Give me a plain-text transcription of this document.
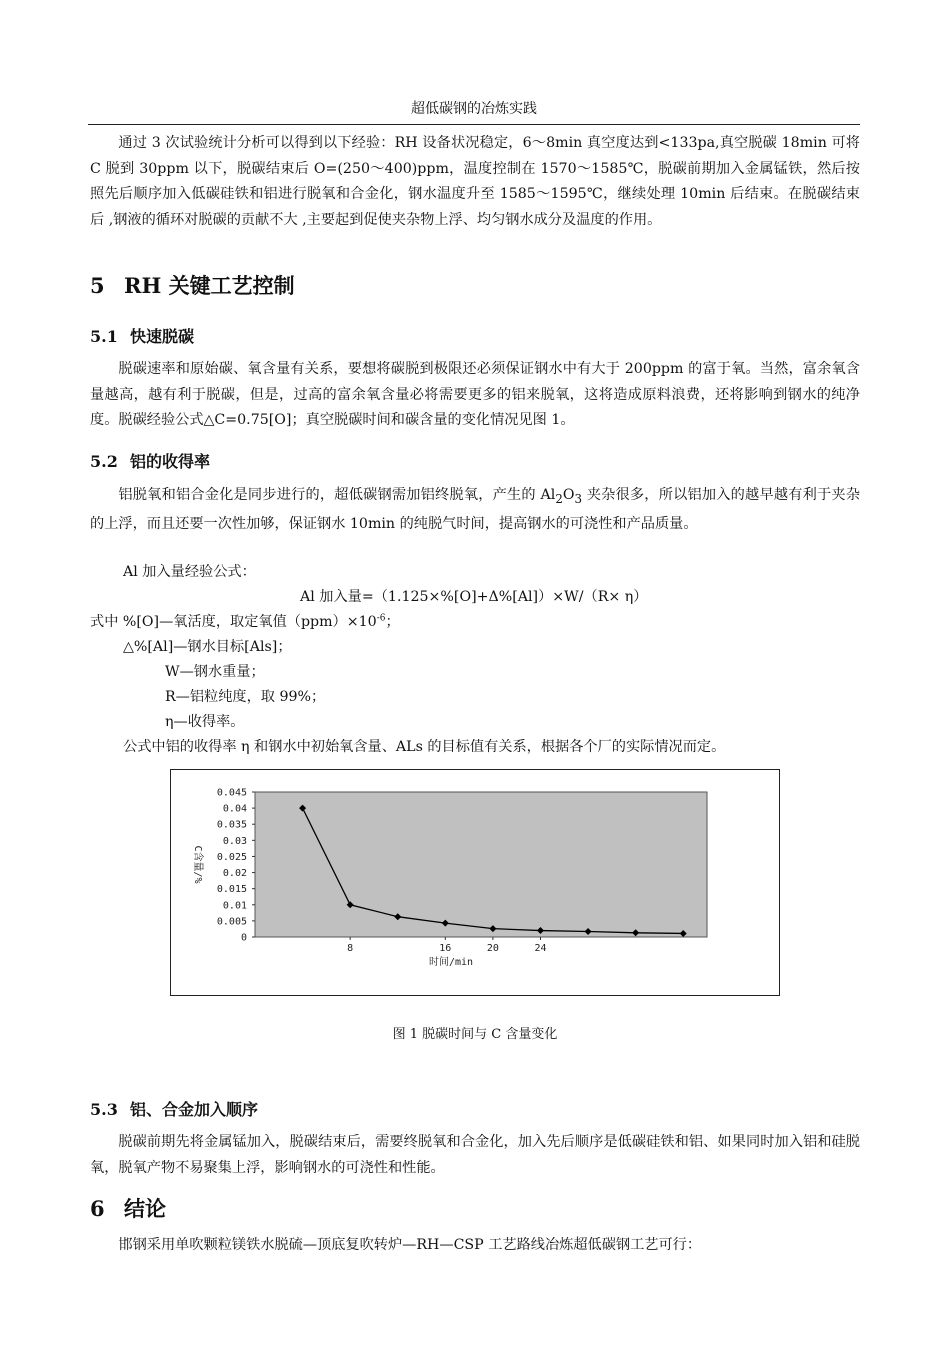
超低碳钢的冶炼实践

通过 3 次试验统计分析可以得到以下经验：RH 设备状况稳定，6～8min 真空度达到<133pa,真空脱碳 18min 可将 C 脱到 30ppm 以下，脱碳结束后 O=(250～400)ppm，温度控制在 1570～1585℃，脱碳前期加入金属锰铁，然后按照先后顺序加入低碳硅铁和铝进行脱氧和合金化，钢水温度升至 1585～1595℃，继续处理 10min 后结束。在脱碳结束后 ,钢液的循环对脱碳的贡献不大 ,主要起到促使夹杂物上浮、均匀钢水成分及温度的作用。

5 RH 关键工艺控制
5.1 快速脱碳

脱碳速率和原始碳、氧含量有关系，要想将碳脱到极限还必须保证钢水中有大于 200ppm 的富于氧。当然，富余氧含量越高，越有利于脱碳，但是，过高的富余氧含量必将需要更多的铝来脱氧，这将造成原料浪费，还将影响到钢水的纯净度。脱碳经验公式△C=0.75[O]；真空脱碳时间和碳含量的变化情况见图 1。

5.2 铝的收得率

铝脱氧和铝合金化是同步进行的，超低碳钢需加铝终脱氧，产生的 $Al_2O_3$ 夹杂很多，所以铝加入的越早越有利于夹杂的上浮，而且还要一次性加够，保证钢水 10min 的纯脱气时间，提高钢水的可浇性和产品质量。

Al 加入量经验公式：

Al 加入量=（1.125×%[O]+Δ%[Al]）×W/（R× η）

式中 %[O]—氧活度，取定氧值$(ppm)\times 10^{-6}$；

△%[Al]—钢水目标[Als]；

W—钢水重量；

R—铝粒纯度，取 99%；

η—收得率。

公式中铝的收得率 η 和钢水中初始氧含量、ALs 的目标值有关系，根据各个厂的实际情况而定。

0
0.005
0.01
0.015
0.02
0.025
0.03
0.035
0.04
0.045
8	16	20	24
时间/min
C含量/%
图 1 脱碳时间与 C 含量变化
5.3 铝、合金加入顺序

脱碳前期先将金属锰加入，脱碳结束后，需要终脱氧和合金化，加入先后顺序是低碳硅铁和铝、如果同时加入铝和硅脱氧，脱氧产物不易聚集上浮，影响钢水的可浇性和性能。

6 结论

邯钢采用单吹颗粒镁铁水脱硫—顶底复吹转炉—RH—CSP 工艺路线冶炼超低碳钢工艺可行：
